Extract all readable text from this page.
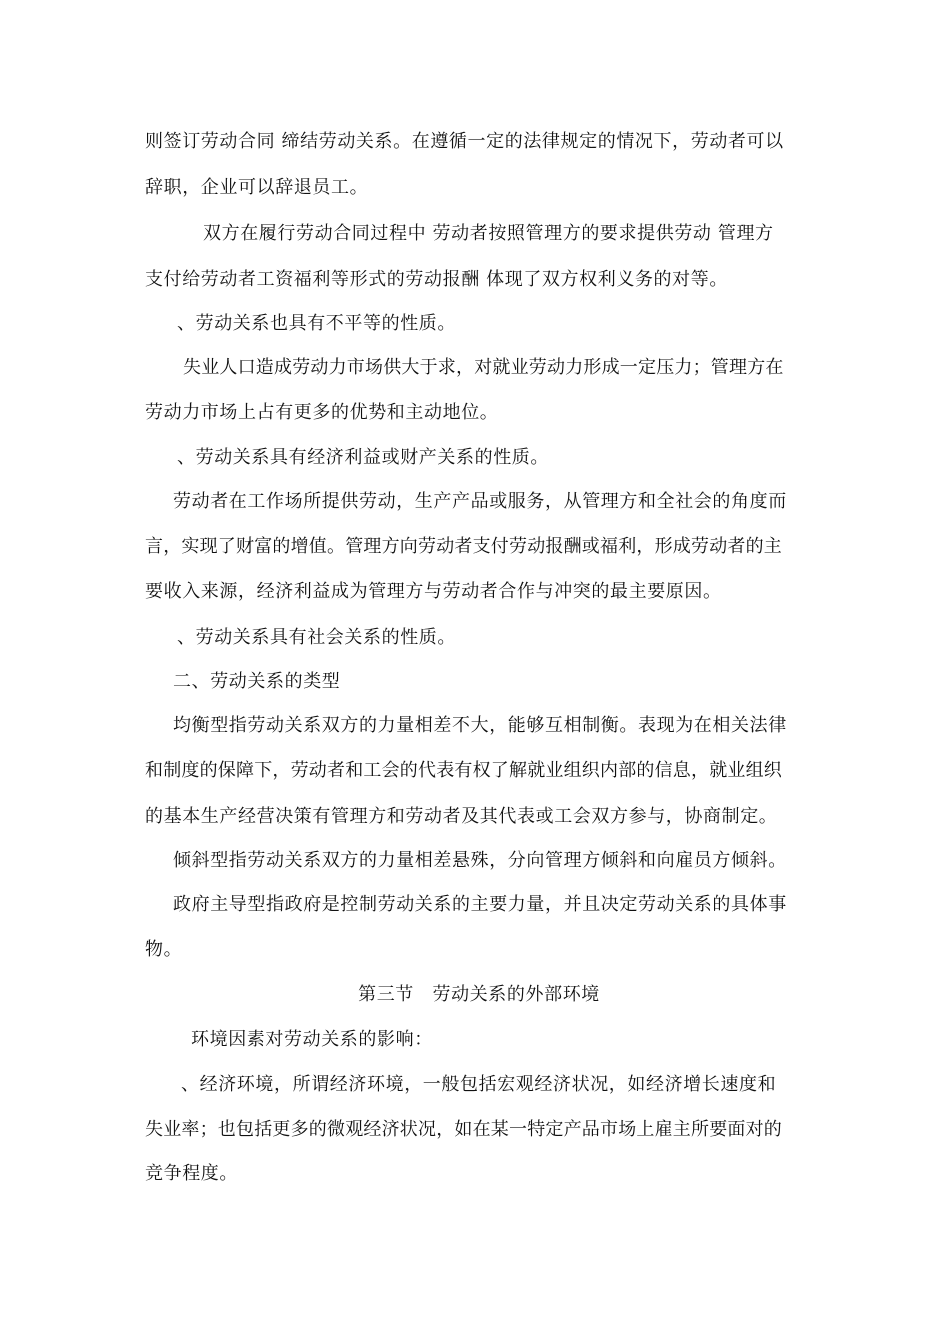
则签订劳动合同 缔结劳动关系。在遵循一定的法律规定的情况下，劳动者可以
辞职，企业可以辞退员工。
双方在履行劳动合同过程中 劳动者按照管理方的要求提供劳动 管理方
支付给劳动者工资福利等形式的劳动报酬 体现了双方权利义务的对等。
、劳动关系也具有不平等的性质。
失业人口造成劳动力市场供大于求，对就业劳动力形成一定压力；管理方在
劳动力市场上占有更多的优势和主动地位。
、劳动关系具有经济利益或财产关系的性质。
劳动者在工作场所提供劳动，生产产品或服务，从管理方和全社会的角度而
言，实现了财富的增值。管理方向劳动者支付劳动报酬或福利，形成劳动者的主
要收入来源，经济利益成为管理方与劳动者合作与冲突的最主要原因。
、劳动关系具有社会关系的性质。
二、劳动关系的类型
均衡型指劳动关系双方的力量相差不大，能够互相制衡。表现为在相关法律
和制度的保障下，劳动者和工会的代表有权了解就业组织内部的信息，就业组织
的基本生产经营决策有管理方和劳动者及其代表或工会双方参与，协商制定。
倾斜型指劳动关系双方的力量相差悬殊，分向管理方倾斜和向雇员方倾斜。
政府主导型指政府是控制劳动关系的主要力量，并且决定劳动关系的具体事
物。
第三节　劳动关系的外部环境
环境因素对劳动关系的影响：
、经济环境，所谓经济环境，一般包括宏观经济状况，如经济增长速度和
失业率；也包括更多的微观经济状况，如在某一特定产品市场上雇主所要面对的
竞争程度。
